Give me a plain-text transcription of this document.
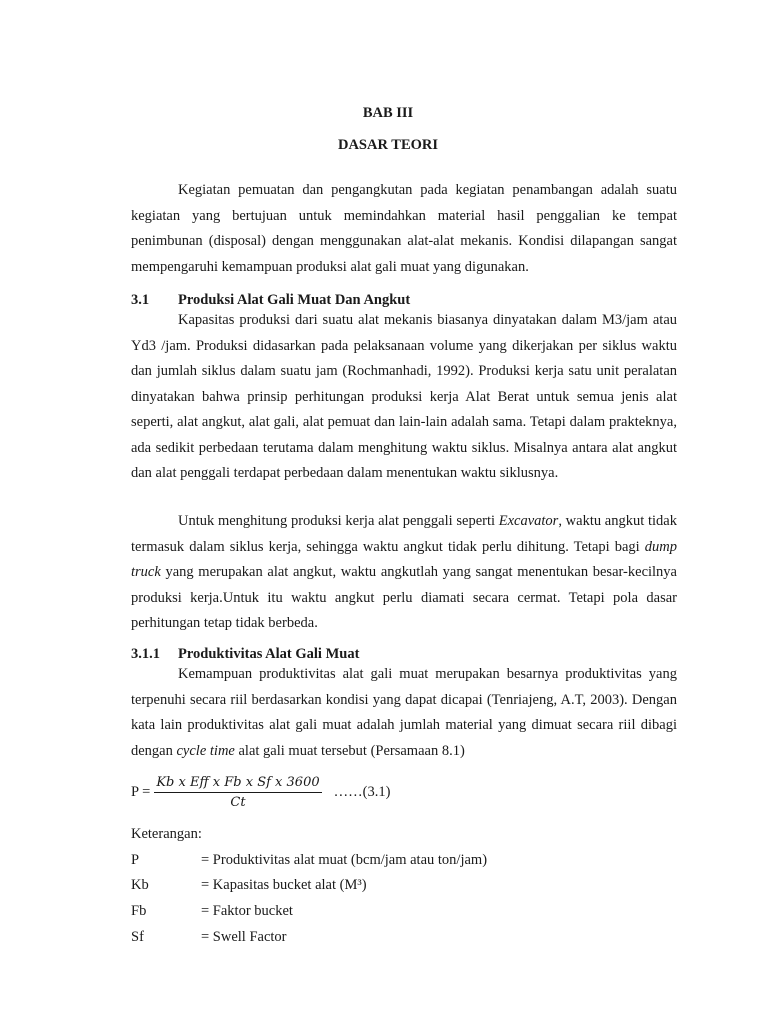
BAB III
DASAR TEORI

Kegiatan pemuatan dan pengangkutan pada kegiatan penambangan adalah suatu kegiatan yang bertujuan untuk memindahkan material hasil penggalian ke tempat penimbunan (disposal) dengan menggunakan alat-alat mekanis. Kondisi dilapangan sangat mempengaruhi kemampuan produksi alat gali muat yang digunakan.

3.1 Produksi Alat Gali Muat Dan Angkut

Kapasitas produksi dari suatu alat mekanis biasanya dinyatakan dalam M3/jam atau Yd3 /jam. Produksi didasarkan pada pelaksanaan volume yang dikerjakan per siklus waktu dan jumlah siklus dalam suatu jam (Rochmanhadi, 1992). Produksi kerja satu unit peralatan dinyatakan bahwa prinsip perhitungan produksi kerja Alat Berat untuk semua jenis alat seperti, alat angkut, alat gali, alat pemuat dan lain-lain adalah sama. Tetapi dalam prakteknya, ada sedikit perbedaan terutama dalam menghitung waktu siklus. Misalnya antara alat angkut dan alat penggali terdapat perbedaan dalam menentukan waktu siklusnya.

Untuk menghitung produksi kerja alat penggali seperti Excavator, waktu angkut tidak termasuk dalam siklus kerja, sehingga waktu angkut tidak perlu dihitung. Tetapi bagi dump truck yang merupakan alat angkut, waktu angkutlah yang sangat menentukan besar-kecilnya produksi kerja.Untuk itu waktu angkut perlu diamati secara cermat. Tetapi pola dasar perhitungan tetap tidak berbeda.

3.1.1 Produktivitas Alat Gali Muat

Kemampuan produktivitas alat gali muat merupakan besarnya produktivitas yang terpenuhi secara riil berdasarkan kondisi yang dapat dicapai (Tenriajeng, A.T, 2003). Dengan kata lain produktivitas alat gali muat adalah jumlah material yang dimuat secara riil dibagi dengan cycle time alat gali muat tersebut (Persamaan 8.1)

$P = \frac{\text{Kb x Eff x Fb x Sf x 3600}}{Ct}$ ……(3.1)
Keterangan:
P	= Produktivitas alat muat (bcm/jam atau ton/jam)
Kb	= Kapasitas bucket alat (M³)
Fb	= Faktor bucket
Sf	= Swell Factor
